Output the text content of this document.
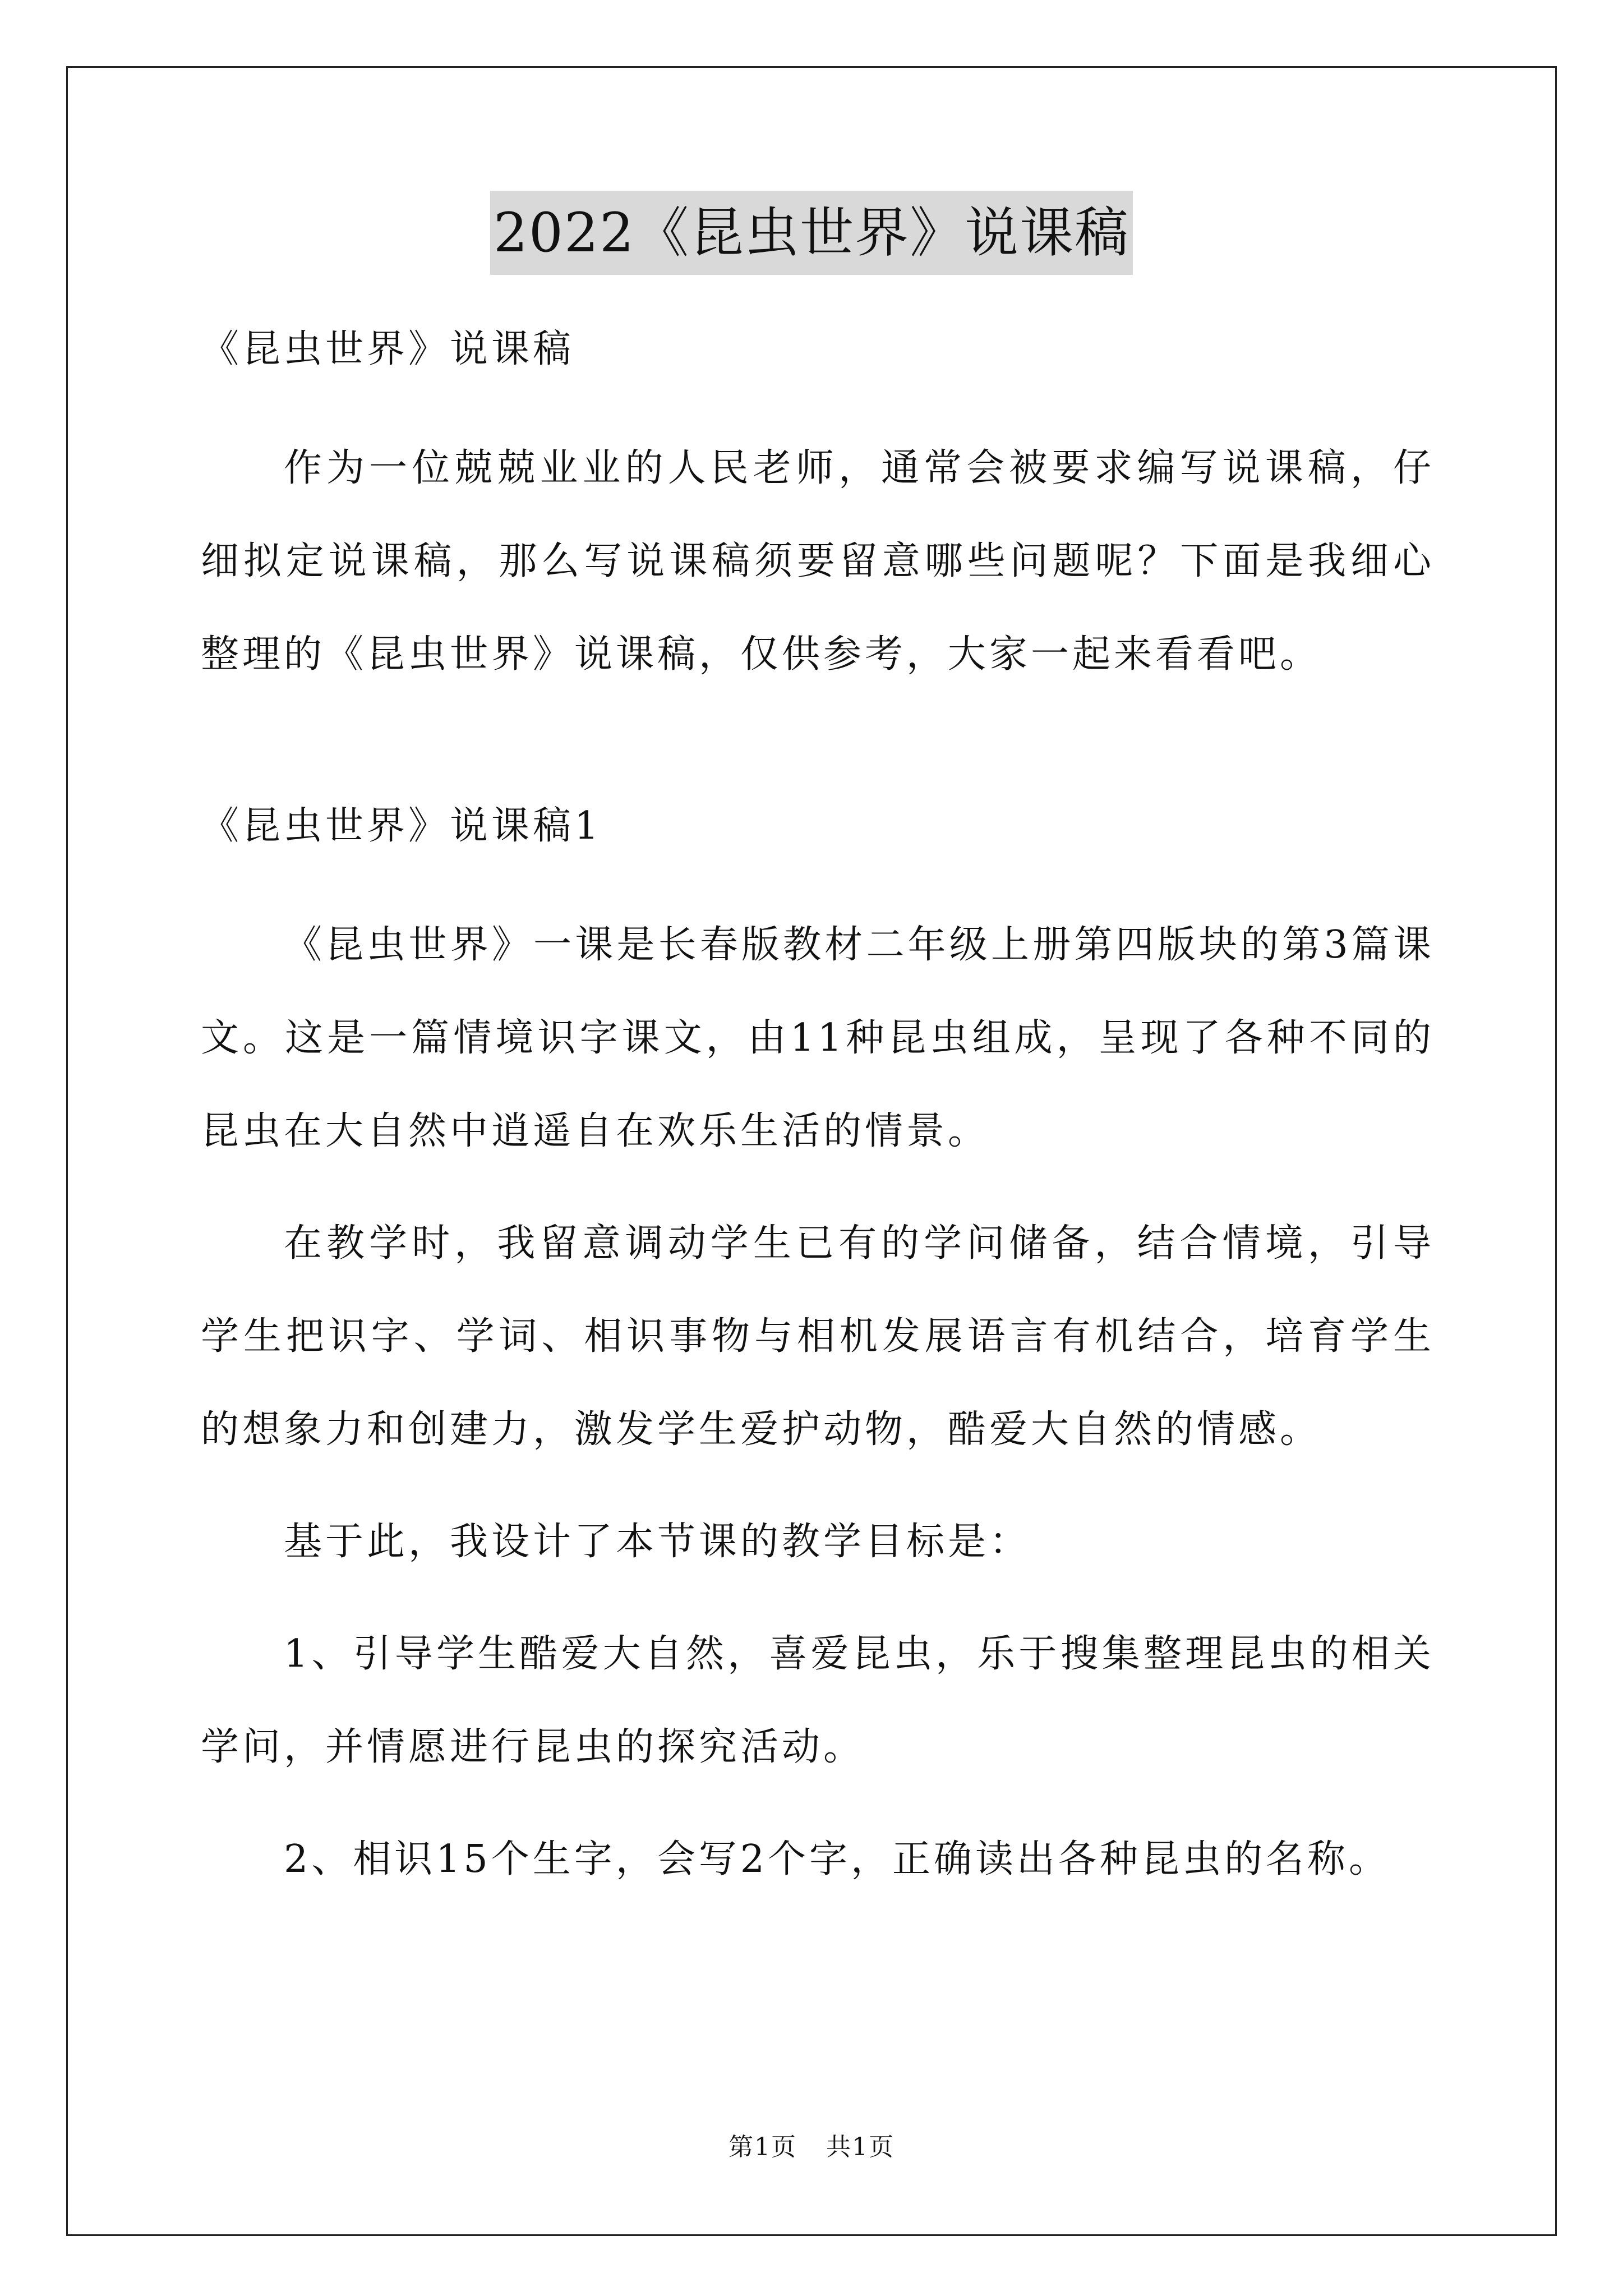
2022《昆虫世界》说课稿

《昆虫世界》说课稿

作为一位兢兢业业的人民老师，通常会被要求编写说课稿，仔细拟定说课稿，那么写说课稿须要留意哪些问题呢？下面是我细心整理的《昆虫世界》说课稿，仅供参考，大家一起来看看吧。

《昆虫世界》说课稿1

《昆虫世界》一课是长春版教材二年级上册第四版块的第3篇课文。这是一篇情境识字课文，由11种昆虫组成，呈现了各种不同的昆虫在大自然中逍遥自在欢乐生活的情景。

在教学时，我留意调动学生已有的学问储备，结合情境，引导学生把识字、学词、相识事物与相机发展语言有机结合，培育学生的想象力和创建力，激发学生爱护动物，酷爱大自然的情感。

基于此，我设计了本节课的教学目标是：

1、引导学生酷爱大自然，喜爱昆虫，乐于搜集整理昆虫的相关学问，并情愿进行昆虫的探究活动。

2、相识15个生字，会写2个字，正确读出各种昆虫的名称。

第1页 共1页
